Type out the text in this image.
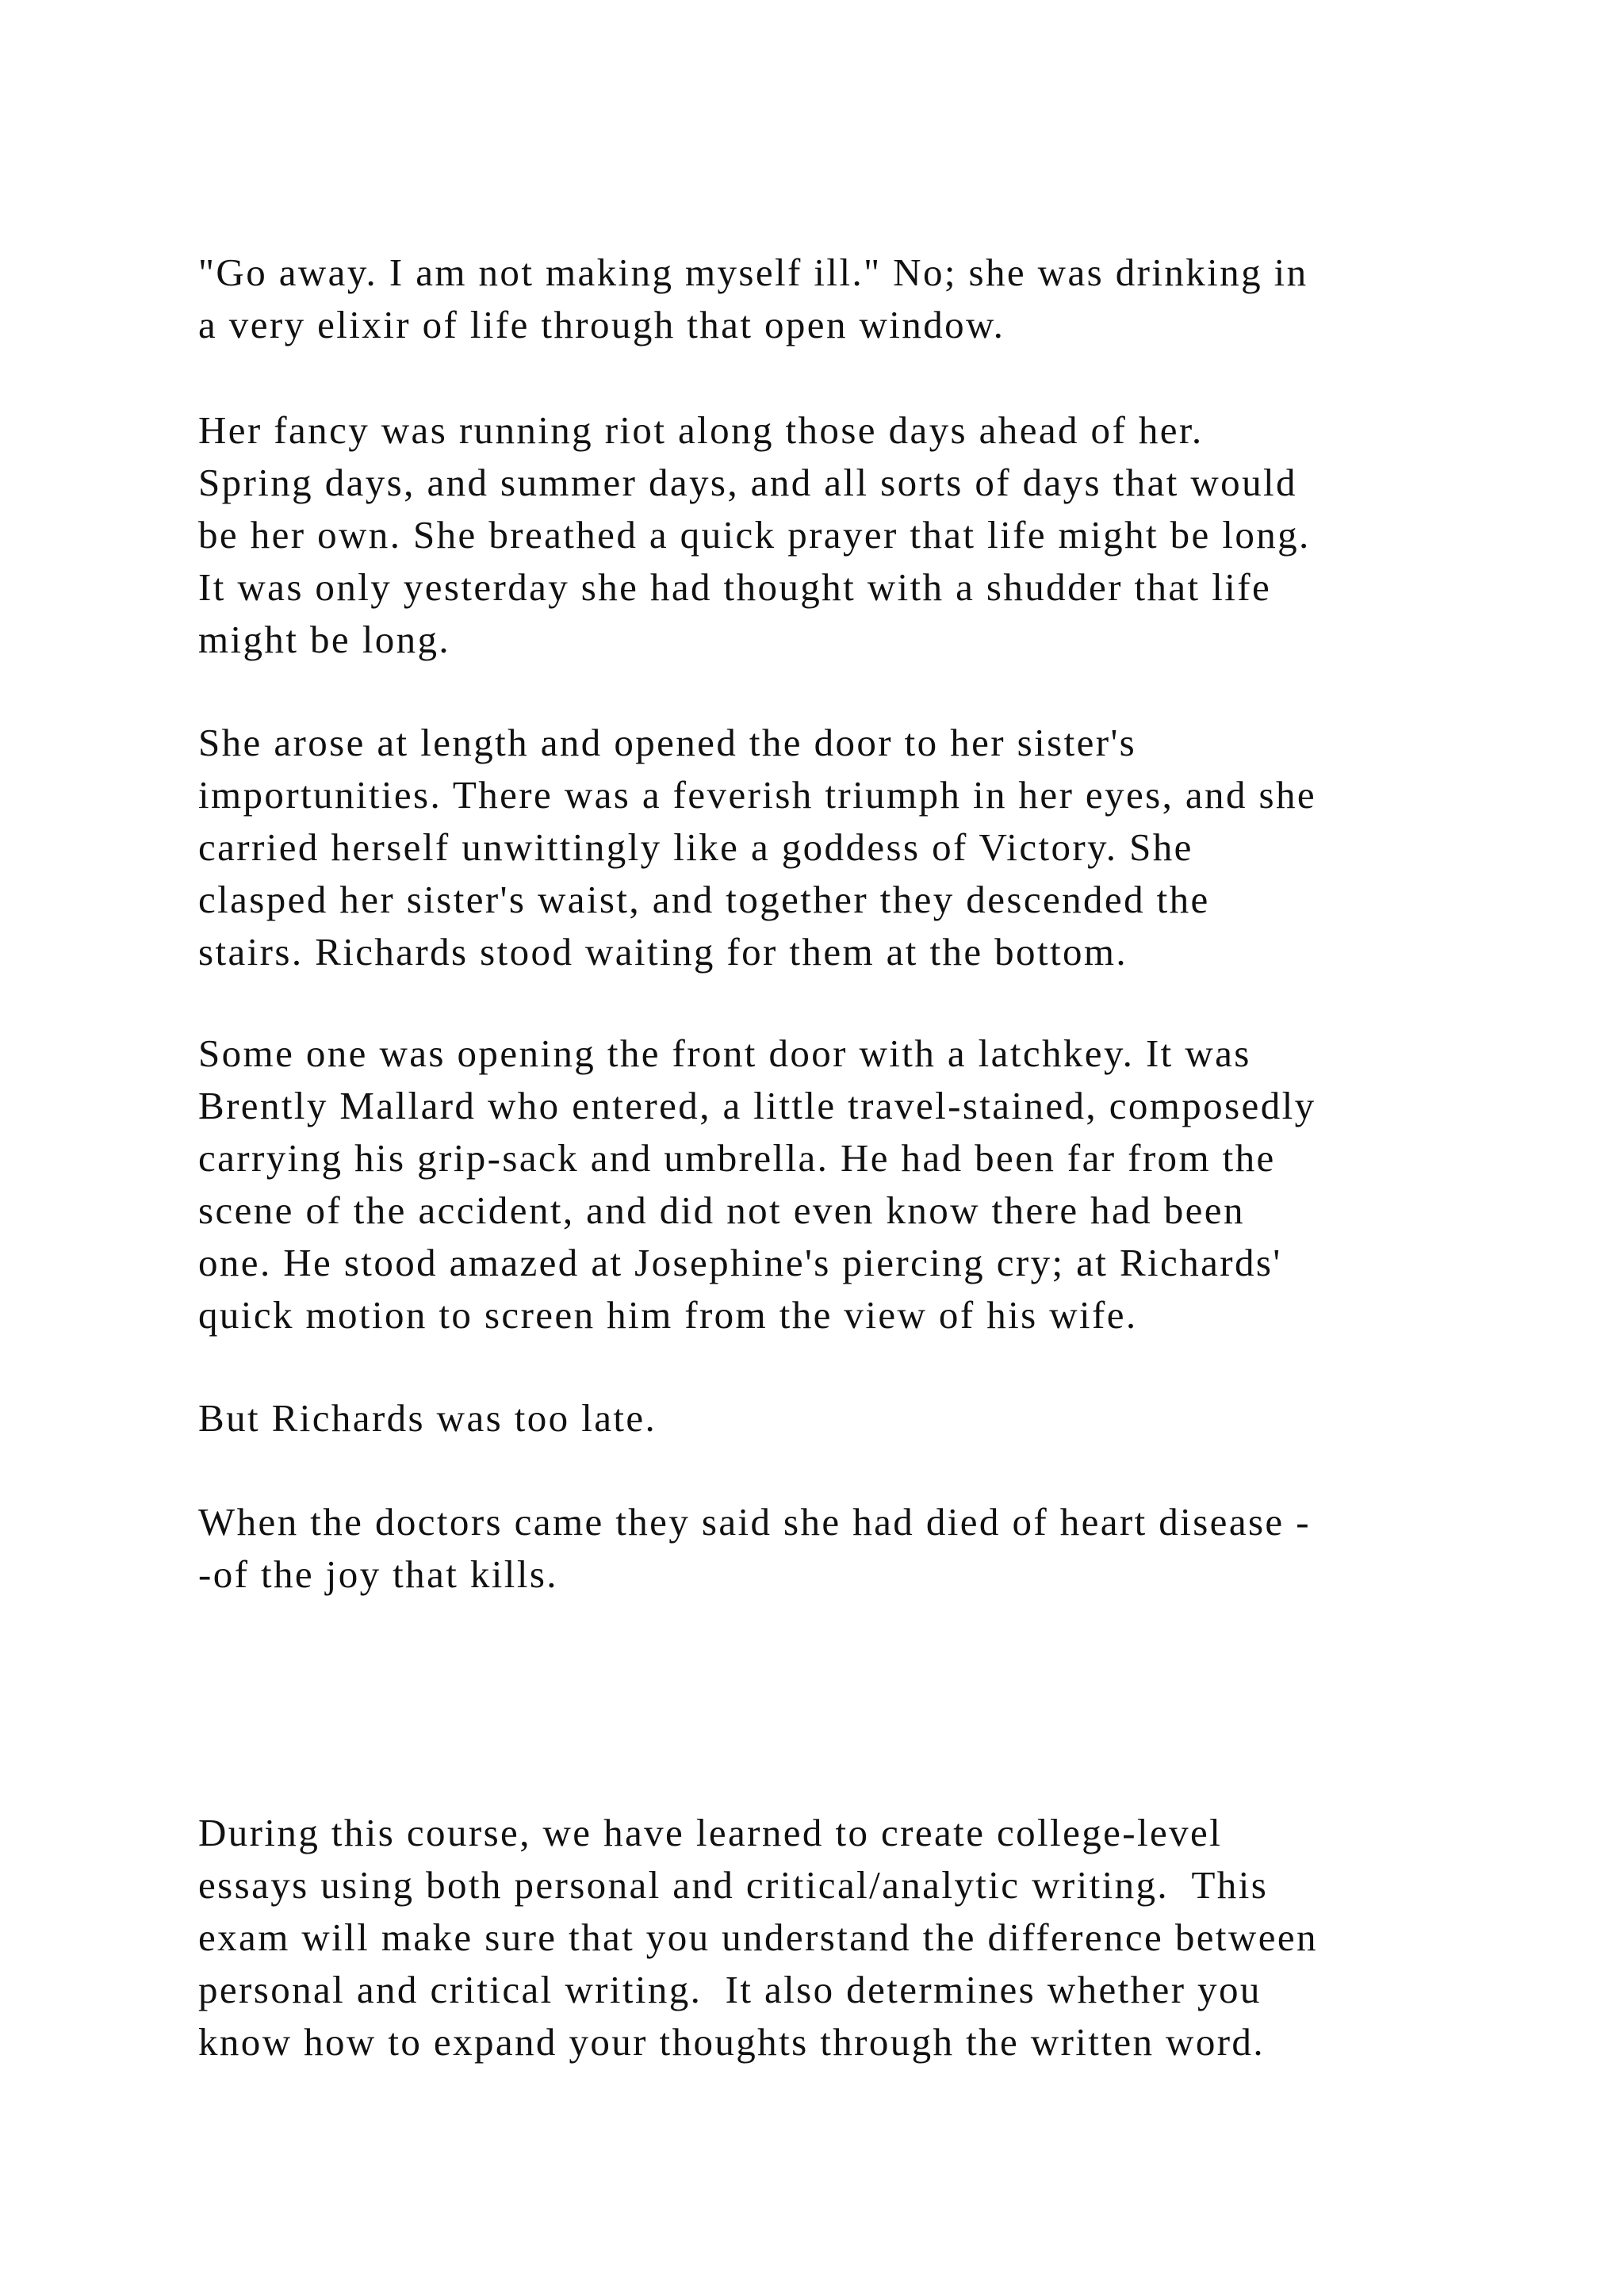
"Go away. I am not making myself ill." No; she was drinking in
a very elixir of life through that open window.
Her fancy was running riot along those days ahead of her.
Spring days, and summer days, and all sorts of days that would
be her own. She breathed a quick prayer that life might be long.
It was only yesterday she had thought with a shudder that life
might be long.
She arose at length and opened the door to her sister's
importunities. There was a feverish triumph in her eyes, and she
carried herself unwittingly like a goddess of Victory. She
clasped her sister's waist, and together they descended the
stairs. Richards stood waiting for them at the bottom.
Some one was opening the front door with a latchkey. It was
Brently Mallard who entered, a little travel-stained, composedly
carrying his grip-sack and umbrella. He had been far from the
scene of the accident, and did not even know there had been
one. He stood amazed at Josephine's piercing cry; at Richards'
quick motion to screen him from the view of his wife.
But Richards was too late.
When the doctors came they said she had died of heart disease -
-of the joy that kills.
During this course, we have learned to create college-level
essays using both personal and critical/analytic writing.  This
exam will make sure that you understand the difference between
personal and critical writing.  It also determines whether you
know how to expand your thoughts through the written word.
